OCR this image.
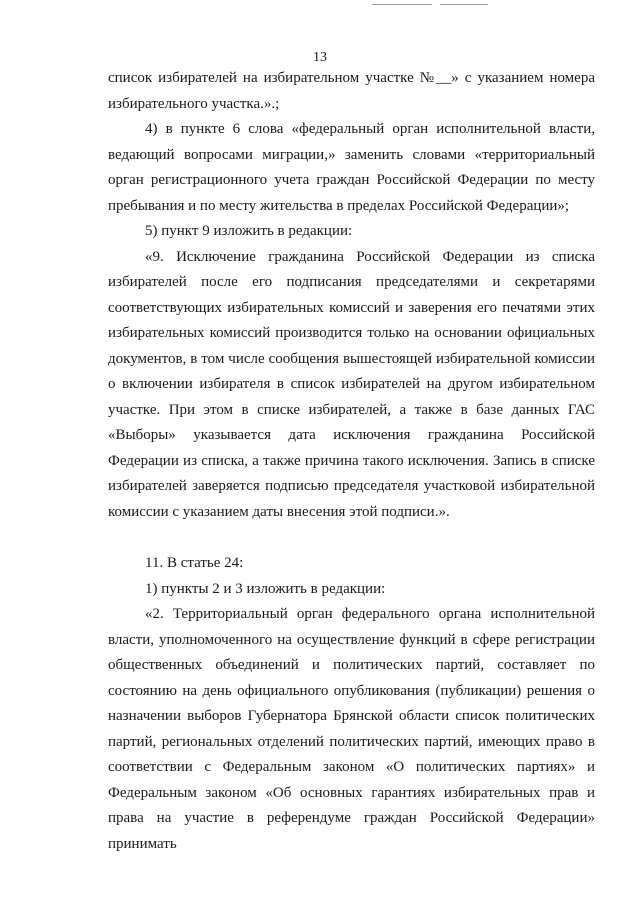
13

список избирателей на избирательном участке №__» с указанием номера избирательного участка.».;

4) в пункте 6 слова «федеральный орган исполнительной власти, ведающий вопросами миграции,» заменить словами «территориальный орган регистрационного учета граждан Российской Федерации по месту пребывания и по месту жительства в пределах Российской Федерации»;

5) пункт 9 изложить в редакции:

«9. Исключение гражданина Российской Федерации из списка избирателей после его подписания председателями и секретарями соответствующих избирательных комиссий и заверения его печатями этих избирательных комиссий производится только на основании официальных документов, в том числе сообщения вышестоящей избирательной комиссии о включении избирателя в список избирателей на другом избирательном участке. При этом в списке избирателей, а также в базе данных ГАС «Выборы» указывается дата исключения гражданина Российской Федерации из списка, а также причина такого исключения. Запись в списке избирателей заверяется подписью председателя участковой избирательной комиссии с указанием даты внесения этой подписи.».

11. В статье 24:

1) пункты 2 и 3 изложить в редакции:

«2. Территориальный орган федерального органа исполнительной власти, уполномоченного на осуществление функций в сфере регистрации общественных объединений и политических партий, составляет по состоянию на день официального опубликования (публикации) решения о назначении выборов Губернатора Брянской области список политических партий, региональных отделений политических партий, имеющих право в соответствии с Федеральным законом «О политических партиях» и Федеральным законом «Об основных гарантиях избирательных прав и права на участие в референдуме граждан Российской Федерации» принимать
